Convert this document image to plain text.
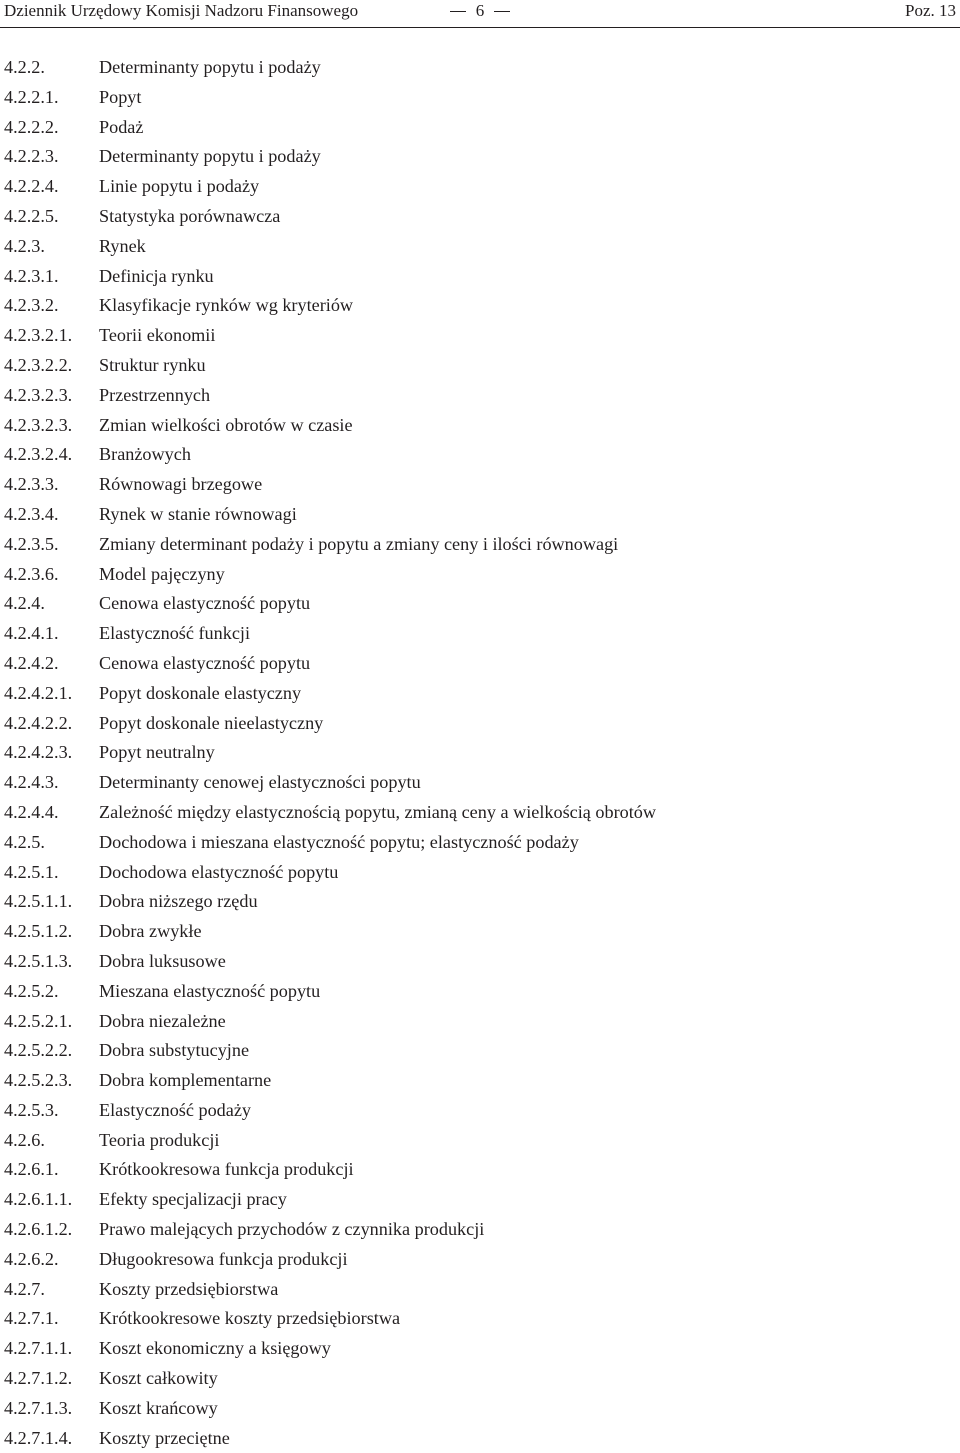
Dziennik Urzędowy Komisji Nadzoru Finansowego	6	Poz. 13
4.2.2.	Determinanty popytu i podaży
4.2.2.1. Popyt
4.2.2.2. Podaż
4.2.2.3. Determinanty popytu i podaży
4.2.2.4. Linie popytu i podaży
4.2.2.5. Statystyka porównawcza
4.2.3.	Rynek
4.2.3.1. Definicja rynku
4.2.3.2. Klasyfikacje rynków wg kryteriów
4.2.3.2.1. Teorii ekonomii
4.2.3.2.2. Struktur rynku
4.2.3.2.3. Przestrzennych
4.2.3.2.3. Zmian wielkości obrotów w czasie
4.2.3.2.4. Branżowych
4.2.3.3. Równowagi brzegowe
4.2.3.4. Rynek w stanie równowagi
4.2.3.5. Zmiany determinant podaży i popytu a zmiany ceny i ilości równowagi
4.2.3.6. Model pajęczyny
4.2.4.	Cenowa elastyczność popytu
4.2.4.1. Elastyczność funkcji
4.2.4.2. Cenowa elastyczność popytu
4.2.4.2.1. Popyt doskonale elastyczny
4.2.4.2.2. Popyt doskonale nieelastyczny
4.2.4.2.3. Popyt neutralny
4.2.4.3. Determinanty cenowej elastyczności popytu
4.2.4.4. Zależność między elastycznością popytu, zmianą ceny a wielkością obrotów
4.2.5.	Dochodowa i mieszana elastyczność popytu; elastyczność podaży
4.2.5.1. Dochodowa elastyczność popytu
4.2.5.1.1. Dobra niższego rzędu
4.2.5.1.2. Dobra zwykłe
4.2.5.1.3. Dobra luksusowe
4.2.5.2. Mieszana elastyczność popytu
4.2.5.2.1. Dobra niezależne
4.2.5.2.2. Dobra substytucyjne
4.2.5.2.3. Dobra komplementarne
4.2.5.3. Elastyczność podaży
4.2.6.	Teoria produkcji
4.2.6.1. Krótkookresowa funkcja produkcji
4.2.6.1.1. Efekty specjalizacji pracy
4.2.6.1.2. Prawo malejących przychodów z czynnika produkcji
4.2.6.2. Długookresowa funkcja produkcji
4.2.7.	Koszty przedsiębiorstwa
4.2.7.1. Krótkookresowe koszty przedsiębiorstwa
4.2.7.1.1. Koszt ekonomiczny a księgowy
4.2.7.1.2. Koszt całkowity
4.2.7.1.3. Koszt krańcowy
4.2.7.1.4. Koszty przeciętne
